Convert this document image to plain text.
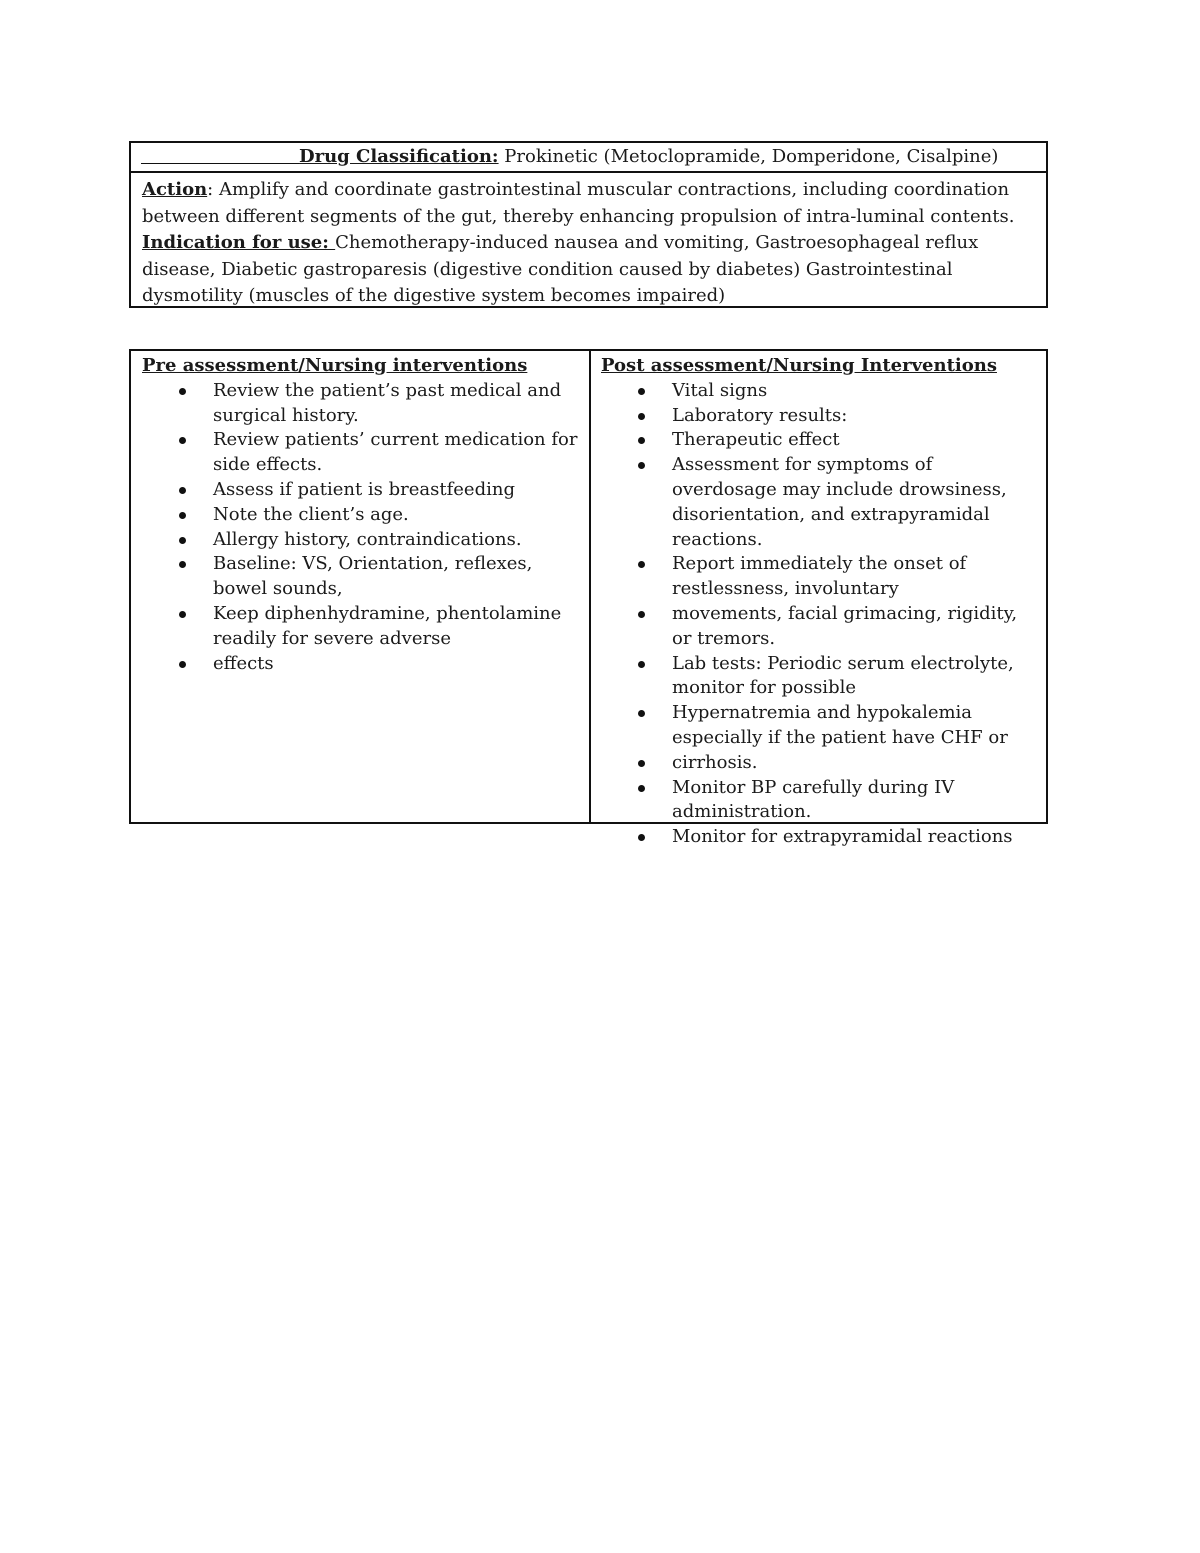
Drug Classification: Prokinetic (Metoclopramide, Domperidone, Cisalpine)
Action: Amplify and coordinate gastrointestinal muscular contractions, including coordination between different segments of the gut, thereby enhancing propulsion of intra-luminal contents.
Indication for use: Chemotherapy-induced nausea and vomiting, Gastroesophageal reflux disease, Diabetic gastroparesis (digestive condition caused by diabetes) Gastrointestinal dysmotility (muscles of the digestive system becomes impaired)

Pre assessment/Nursing interventions

Review the patient’s past medical and surgical history.
Review patients’ current medication for side effects.
Assess if patient is breastfeeding
Note the client’s age.
Allergy history, contraindications.
Baseline: VS, Orientation, reflexes, bowel sounds,
Keep diphenhydramine, phentolamine readily for severe adverse
effects

Post assessment/Nursing Interventions

Vital signs
Laboratory results:
Therapeutic effect
Assessment for symptoms of overdosage may include drowsiness, disorientation, and extrapyramidal reactions.
Report immediately the onset of restlessness, involuntary
movements, facial grimacing, rigidity, or tremors.
Lab tests: Periodic serum electrolyte, monitor for possible
Hypernatremia and hypokalemia especially if the patient have CHF or
cirrhosis.
Monitor BP carefully during IV administration.
Monitor for extrapyramidal reactions
